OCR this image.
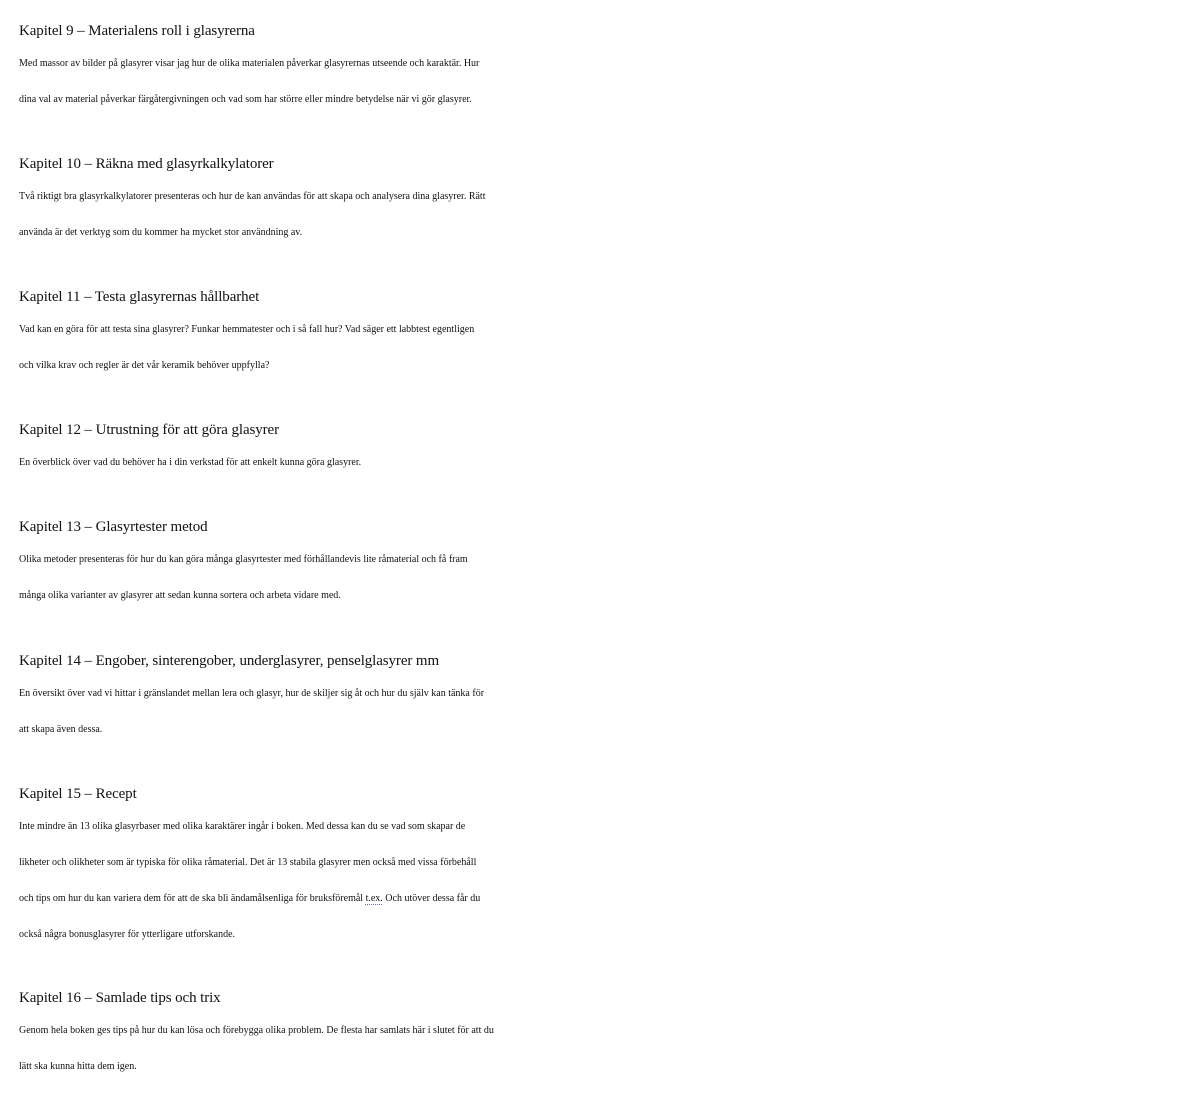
Kapitel 9 – Materialens roll i glasyrerna
Med massor av bilder på glasyrer visar jag hur de olika materialen påverkar glasyrernas utseende och karaktär. Hur
dina val av material påverkar färgåtergivningen och vad som har större eller mindre betydelse när vi gör glasyrer.
Kapitel 10 – Räkna med glasyrkalkylatorer
Två riktigt bra glasyrkalkylatorer presenteras och hur de kan användas för att skapa och analysera dina glasyrer. Rätt
använda är det verktyg som du kommer ha mycket stor användning av.
Kapitel 11 – Testa glasyrernas hållbarhet
Vad kan en göra för att testa sina glasyrer? Funkar hemmatester och i så fall hur? Vad säger ett labbtest egentligen
och vilka krav och regler är det vår keramik behöver uppfylla?
Kapitel 12 – Utrustning för att göra glasyrer
En överblick över vad du behöver ha i din verkstad för att enkelt kunna göra glasyrer.
Kapitel 13 – Glasyrtester metod
Olika metoder presenteras för hur du kan göra många glasyrtester med förhållandevis lite råmaterial och få fram
många olika varianter av glasyrer att sedan kunna sortera och arbeta vidare med.
Kapitel 14 – Engober, sinterengober, underglasyrer, penselglasyrer mm
En översikt över vad vi hittar i gränslandet mellan lera och glasyr, hur de skiljer sig åt och hur du själv kan tänka för
att skapa även dessa.
Kapitel 15 – Recept
Inte mindre än 13 olika glasyrbaser med olika karaktärer ingår i boken. Med dessa kan du se vad som skapar de
likheter och olikheter som är typiska för olika råmaterial. Det är 13 stabila glasyrer men också med vissa förbehåll
och tips om hur du kan variera dem för att de ska bli ändamålsenliga för bruksföremål t.ex. Och utöver dessa får du
också några bonusglasyrer för ytterligare utforskande.
Kapitel 16 – Samlade tips och trix
Genom hela boken ges tips på hur du kan lösa och förebygga olika problem. De flesta har samlats här i slutet för att du
lätt ska kunna hitta dem igen.
